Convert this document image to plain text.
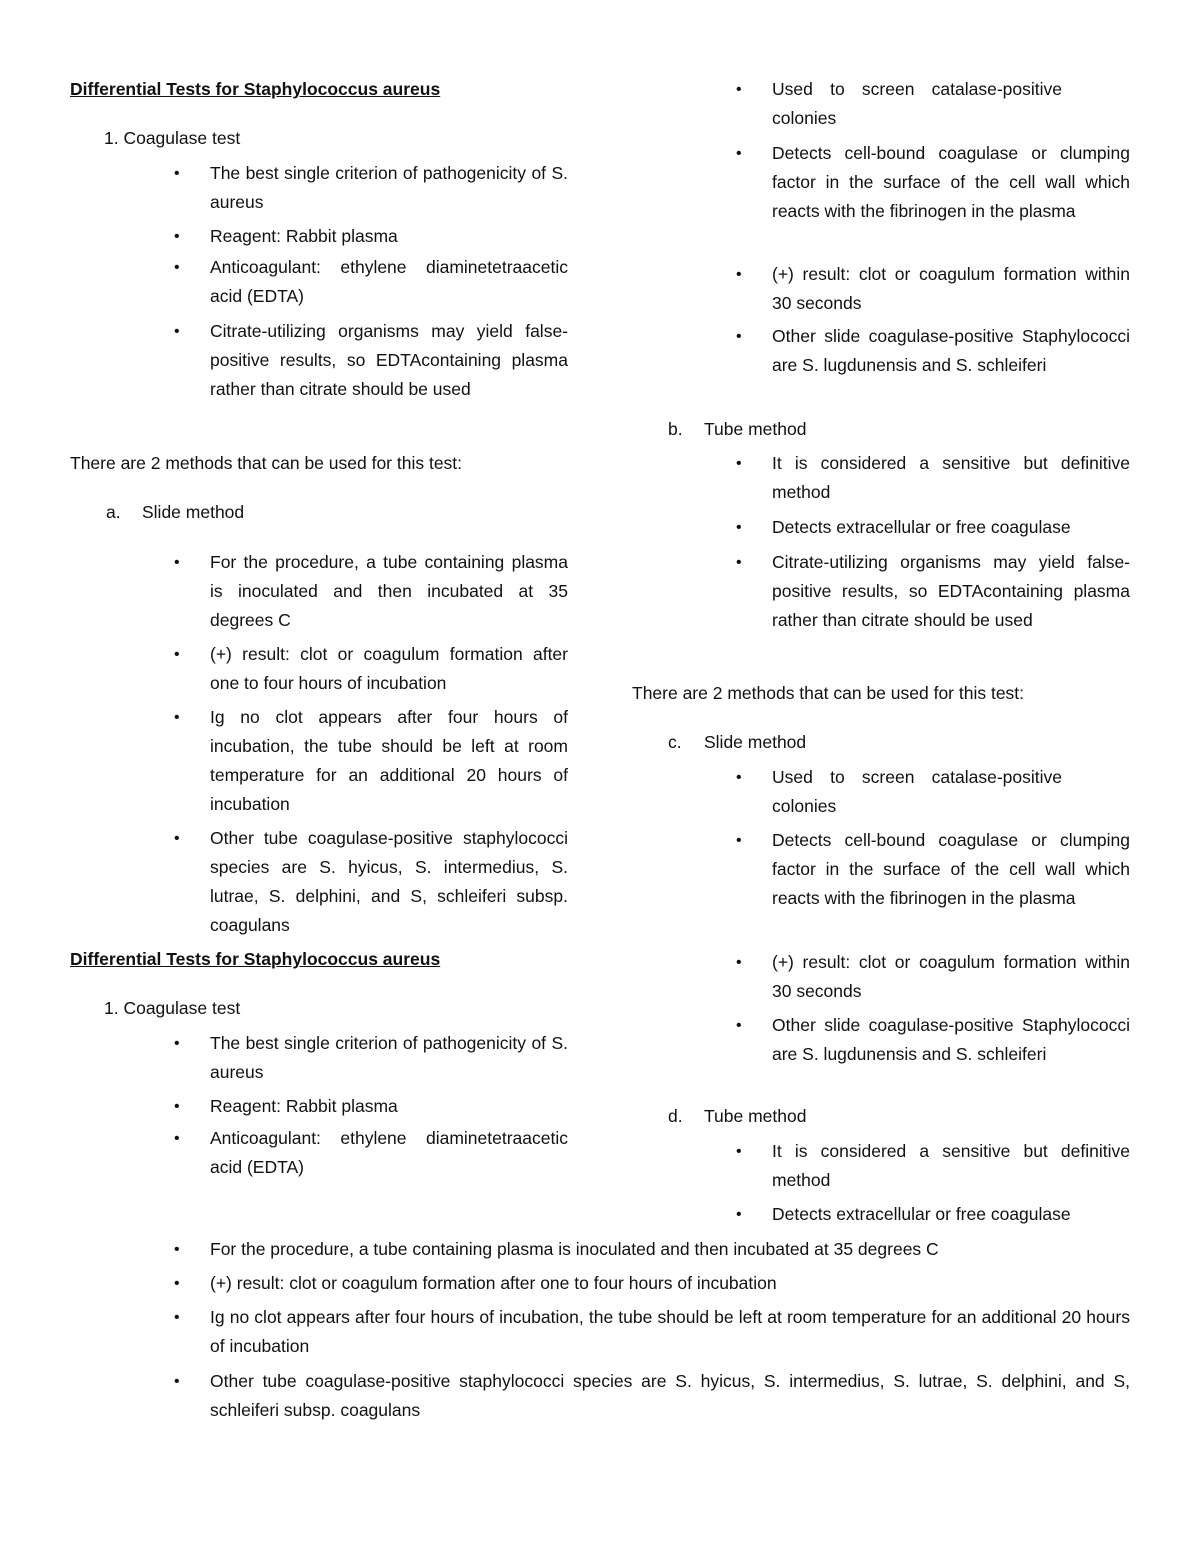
Differential Tests for Staphylococcus aureus
1. Coagulase test
• The best single criterion of pathogenicity of S. aureus
• Reagent: Rabbit plasma
• Anticoagulant: ethylene diaminetetraacetic acid (EDTA)
• Citrate-utilizing organisms may yield false-positive results, so EDTAcontaining plasma rather than citrate should be used
There are 2 methods that can be used for this test:
a. Slide method
• For the procedure, a tube containing plasma is inoculated and then incubated at 35 degrees C
• (+) result: clot or coagulum formation after one to four hours of incubation
• Ig no clot appears after four hours of incubation, the tube should be left at room temperature for an additional 20 hours of incubation
• Other tube coagulase-positive staphylococci species are S. hyicus, S. intermedius, S. lutrae, S. delphini, and S, schleiferi subsp. coagulans
Differential Tests for Staphylococcus aureus
1. Coagulase test
• The best single criterion of pathogenicity of S. aureus
• Reagent: Rabbit plasma
• Anticoagulant: ethylene diaminetetraacetic acid (EDTA)
• Used to screen catalase-positive colonies
• Detects cell-bound coagulase or clumping factor in the surface of the cell wall which reacts with the fibrinogen in the plasma
• (+) result: clot or coagulum formation within 30 seconds
• Other slide coagulase-positive Staphylococci are S. lugdunensis and S. schleiferi
b. Tube method
• It is considered a sensitive but definitive method
• Detects extracellular or free coagulase
• Citrate-utilizing organisms may yield false-positive results, so EDTAcontaining plasma rather than citrate should be used
There are 2 methods that can be used for this test:
c. Slide method
• Used to screen catalase-positive colonies
• Detects cell-bound coagulase or clumping factor in the surface of the cell wall which reacts with the fibrinogen in the plasma
• (+) result: clot or coagulum formation within 30 seconds
• Other slide coagulase-positive Staphylococci are S. lugdunensis and S. schleiferi
d. Tube method
• It is considered a sensitive but definitive method
• Detects extracellular or free coagulase
• For the procedure, a tube containing plasma is inoculated and then incubated at 35 degrees C
• (+) result: clot or coagulum formation after one to four hours of incubation
• Ig no clot appears after four hours of incubation, the tube should be left at room temperature for an additional 20 hours of incubation
• Other tube coagulase-positive staphylococci species are S. hyicus, S. intermedius, S. lutrae, S. delphini, and S, schleiferi subsp. coagulans
